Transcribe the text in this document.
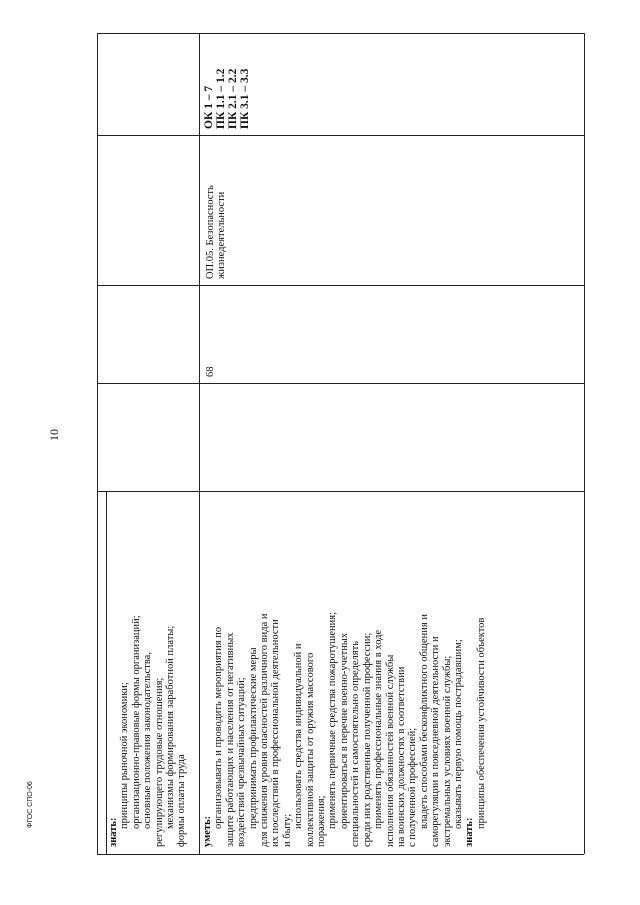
ФГОС СПО-06
10
знать:
принципы рыночной экономики; организационно-правовые формы организаций; основные положения законодательства, регулирующего трудовые отношения; механизмы формирования заработной платы; формы оплаты труда уметь:
организовывать и проводить мероприятия по защите работающих и населения от негативных воздействий чрезвычайных ситуаций; предпринимать профилактические меры для снижения уровня опасностей различного вида и их последствий в профессиональной деятельности и быту;
использовать средства индивидуальной и коллективной защиты от оружия массового поражения; применять первичные средства пожаротушения; ориентироваться в перечне военно-учетных специальностей и самостоятельно определять среди них родственные полученной профессии; применять профессиональные знания в ходе исполнения обязанностей военной службы на воинских должностях в соответствии с полученной профессией; владеть способами бесконфликтного общения и саморегуляции в повседневной деятельности и экстремальных условиях военной службы; оказывать первую помощь пострадавшим;
знать:
принципы обеспечения устойчивости объектов
68
ОП.05. Безопасность жизнедеятельности
ОК 1 – 7 ПК 1.1 – 1.2 ПК 2.1 – 2.2 ПК 3.1 – 3.3
